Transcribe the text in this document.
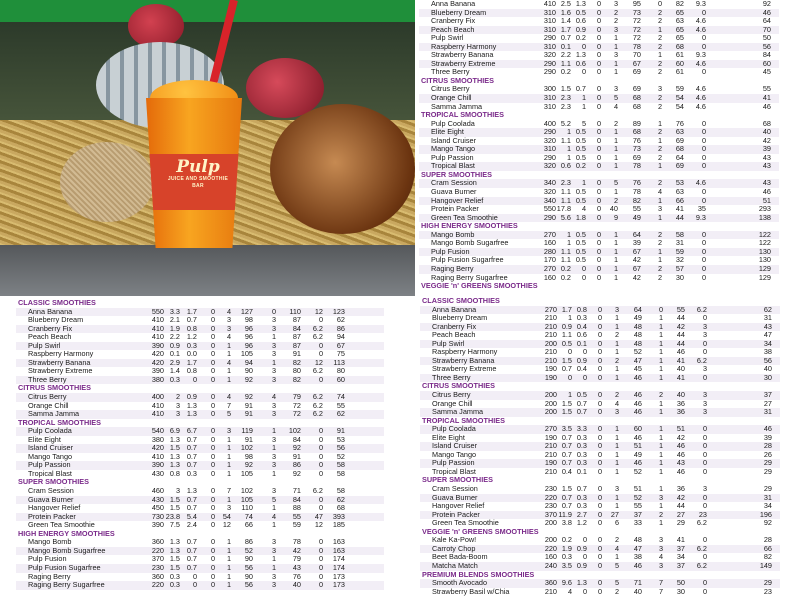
Pulp
JUICE AND SMOOTHIE BAR
CLASSIC SMOOTHIES
Anna Banana	550 3.3 1.7	0	4	127	0	110	12	123
Blueberry Dream	410 2.1 0.7	0	3	98	3	87	0	62
Cranberry Fix	410 1.9 0.8	0	3	96	3	84	6.2	86
Peach Beach	410 2.2 1.2	0	4	96	1	87	6.2	94
Pulp Swirl	390 0.9 0.3	0	1	96	3	87	0	67
Raspberry Harmony	420 0.1 0.0	0	1	105	3	91	0	75
Strawberry Banana	420 2.9 1.7	0	4	94	1	82	12	113
Strawberry Extreme	390 1.4 0.8	0	1	90	3	80	6.2	80
Three Berry	380 0.3	0	0	1	92	3	82	0	60
CITRUS SMOOTHIES
Citrus Berry	400	2 0.9	0	4	92	4	79	6.2	74
Orange Chill	410	3 1.3	0	7	91	3	72	6.2	55
Samma Jamma	410	3 1.3	0	5	91	3	72	6.2	62
TROPICAL SMOOTHIES
Pulp Coolada	540 6.9 6.7	0	3	119	1	102	0	91
Elite Eight	380 1.3 0.7	0	1	91	3	84	0	53
Island Cruiser	420 1.5 0.7	0	1	102	1	92	0	56
Mango Tango	410 1.3 0.7	0	1	98	3	91	0	52
Pulp Passion	390 1.3 0.7	0	1	92	3	86	0	58
Tropical Blast	430 0.8 0.3	0	1	105	1	92	0	58
SUPER SMOOTHIES
Cram Session	460	3 1.3	0	7	102	3	71	6.2	58
Guava Burner	430 1.5 0.7	0	1	105	5	84	0	62
Hangover Relief	450 1.5 0.7	0	3	110	1	88	0	68
Protein Packer	730 23.8 5.4	0	54	74	4	55	47	393
Green Tea Smoothie	390 7.5 2.4	0	12	66	1	59	12	185
HIGH ENERGY SMOOTHIES
Mango Bomb	360 1.3 0.7	0	1	86	3	78	0	163
Mango Bomb Sugarfree	220 1.3 0.7	0	1	52	3	42	0	163
Pulp Fusion	370 1.5 0.7	0	1	90	1	79	0	174
Pulp Fusion Sugarfree	230 1.5 0.7	0	1	56	1	43	0	174
Raging Berry	360 0.3	0	0	1	90	3	76	0	173
Raging Berry Sugarfree	220 0.3	0	0	1	56	3	40	0	173
Anna Banana	410 2.5 1.3	0	3	95	0	82	9.3	92
Blueberry Dream	310 1.6 0.5	0	2	73	2	65	0	46
Cranberry Fix	310 1.4 0.6	0	2	72	2	63	4.6	64
Peach Beach	310 1.7 0.9	0	3	72	1	65	4.6	70
Pulp Swirl	290 0.7 0.2	0	1	72	2	65	0	50
Raspberry Harmony	310 0.1	0	0	1	78	2	68	0	56
Strawberry Banana	320 2.2 1.3	0	3	70	1	61	9.3	84
Strawberry Extreme	290 1.1 0.6	0	1	67	2	60	4.6	60
Three Berry	290 0.2	0	0	1	69	2	61	0	45
CITRUS SMOOTHIES
Citrus Berry	300 1.5 0.7	0	3	69	3	59	4.6	55
Orange Chill	310 2.3	1	0	5	68	2	54	4.6	41
Samma Jamma	310 2.3	1	0	4	68	2	54	4.6	46
TROPICAL SMOOTHIES
Pulp Coolada	400 5.2	5	0	2	89	1	76	0	68
Elite Eight	290	1 0.5	0	1	68	2	63	0	40
Island Cruiser	320 1.1 0.5	0	1	76	1	69	0	42
Mango Tango	310	1 0.5	0	1	73	2	68	0	39
Pulp Passion	290	1 0.5	0	1	69	2	64	0	43
Tropical Blast	320 0.6 0.2	0	1	78	1	69	0	43
SUPER SMOOTHIES
Cram Session	340 2.3	1	0	5	76	2	53	4.6	43
Guava Burner	320 1.1 0.5	0	1	78	4	63	0	46
Hangover Relief	340 1.1 0.5	0	2	82	1	66	0	51
Protein Packer	550 17.8	4	0	40	55	3	41	35	293
Green Tea Smoothie	290 5.6 1.8	0	9	49	1	44	9.3	138
HIGH ENERGY SMOOTHIES
Mango Bomb	270	1 0.5	0	1	64	2	58	0	122
Mango Bomb Sugarfree	160	1 0.5	0	1	39	2	31	0	122
Pulp Fusion	280 1.1 0.5	0	1	67	1	59	0	130
Pulp Fusion Sugarfree	170 1.1 0.5	0	1	42	1	32	0	130
Raging Berry	270 0.2	0	0	1	67	2	57	0	129
Raging Berry Sugarfree	160 0.2	0	0	1	42	2	30	0	129
VEGGIE 'n' GREENS SMOOTHIES
CLASSIC SMOOTHIES
Anna Banana	270 1.7 0.8	0	3	64	0	55	6.2	62
Blueberry Dream	210	1 0.3	0	1	49	1	44	0	31
Cranberry Fix	210 0.9 0.4	0	1	48	1	42	3	43
Peach Beach	210 1.1 0.6	0	2	48	1	44	3	47
Pulp Swirl	200 0.5 0.1	0	1	48	1	44	0	34
Raspberry Harmony	210	0	0	0	1	52	1	46	0	38
Strawberry Banana	210 1.5 0.9	0	2	47	1	41	6.2	56
Strawberry Extreme	190 0.7 0.4	0	1	45	1	40	3	40
Three Berry	190	0	0	0	1	46	1	41	0	30
CITRUS SMOOTHIES
Citrus Berry	200	1 0.5	0	2	46	2	40	3	37
Orange Chill	200 1.5 0.7	0	4	46	1	36	3	27
Samma Jamma	200 1.5 0.7	0	3	46	1	36	3	31
TROPICAL SMOOTHIES
Pulp Coolada	270 3.5 3.3	0	1	60	1	51	0	46
Elite Eight	190 0.7 0.3	0	1	46	1	42	0	39
Island Cruiser	210 0.7 0.3	0	1	51	1	46	0	28
Mango Tango	210 0.7 0.3	0	1	49	1	46	0	26
Pulp Passion	190 0.7 0.3	0	1	46	1	43	0	29
Tropical Blast	210 0.4 0.1	0	1	52	1	46	0	29
SUPER SMOOTHIES
Cram Session	230 1.5 0.7	0	3	51	1	36	3	29
Guava Burner	220 0.7 0.3	0	1	52	3	42	0	31
Hangover Relief	230 0.7 0.3	0	1	55	1	44	0	34
Protein Packer	370 11.9 2.7	0	27	37	2	27	23	196
Green Tea Smoothie	200 3.8 1.2	0	6	33	1	29	6.2	92
VEGGIE 'n' GREENS SMOOTHIES
Kale Ka-Pow!	200 0.2	0	0	2	48	3	41	0	28
Carroty Chop	220 1.9 0.9	0	4	47	3	37	6.2	66
Beet Bada-Boom	160 0.3	0	0	1	38	4	34	0	82
Matcha Match	240 3.5 0.9	0	5	46	3	37	6.2	149
PREMIUM BLENDS SMOOTHIES
Smooth Avocado	360 9.6 1.3	0	5	71	7	50	0	29
Strawberry Basil w/Chia	210	4	0	0	2	40	7	30	0	23
